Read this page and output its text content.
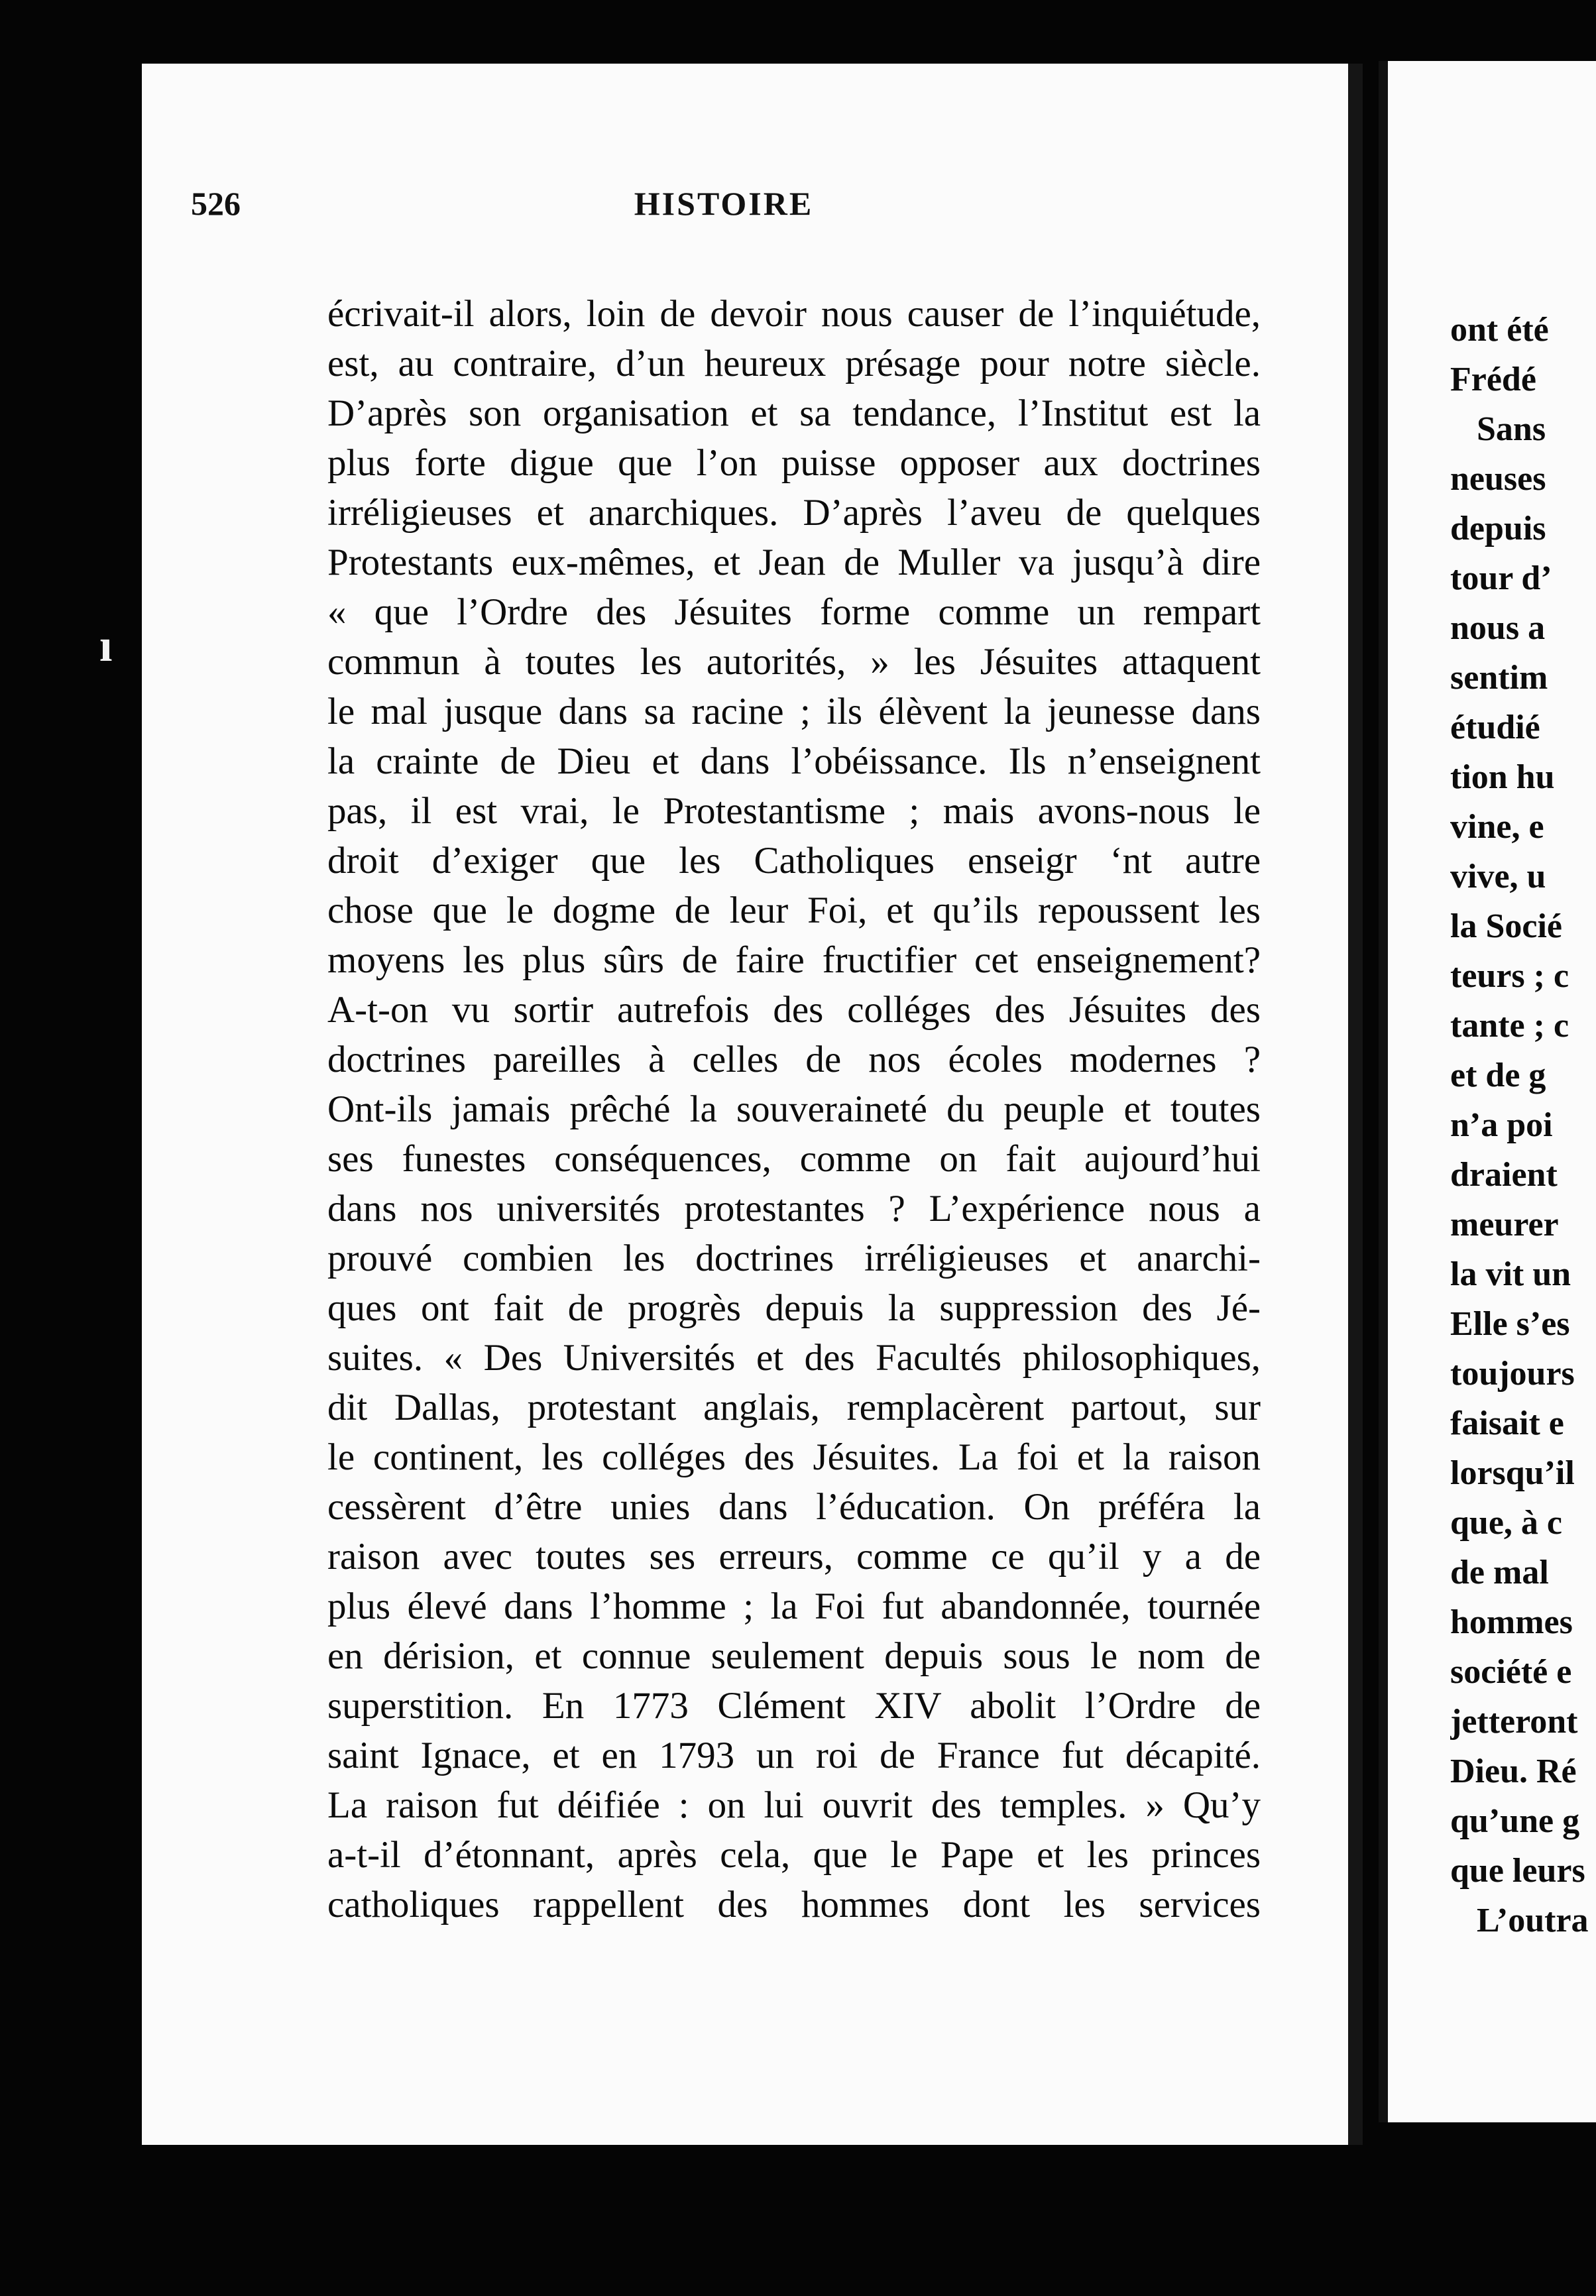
ı
526	HISTOIRE
écrivait-il alors, loin de devoir nous causer de l’inquiétude,
est, au contraire, d’un heureux présage pour notre siècle.
D’après son organisation et sa tendance, l’Institut est la
plus forte digue que l’on puisse opposer aux doctrines
irréligieuses et anarchiques. D’après l’aveu de quelques
Protestants eux-mêmes, et Jean de Muller va jusqu’à dire
« que l’Ordre des Jésuites forme comme un rempart
commun à toutes les autorités, » les Jésuites attaquent
le mal jusque dans sa racine ; ils élèvent la jeunesse dans
la crainte de Dieu et dans l’obéissance. Ils n’enseignent
pas, il est vrai, le Protestantisme ; mais avons-nous le
droit d’exiger que les Catholiques enseigr ‘nt autre
chose que le dogme de leur Foi, et qu’ils repoussent les
moyens les plus sûrs de faire fructifier cet enseignement?
A-t-on vu sortir autrefois des colléges des Jésuites des
doctrines pareilles à celles de nos écoles modernes ?
Ont-ils jamais prêché la souveraineté du peuple et toutes
ses funestes conséquences, comme on fait aujourd’hui
dans nos universités protestantes ? L’expérience nous a
prouvé combien les doctrines irréligieuses et anarchi-
ques ont fait de progrès depuis la suppression des Jé-
suites. « Des Universités et des Facultés philosophiques,
dit Dallas, protestant anglais, remplacèrent partout, sur
le continent, les colléges des Jésuites. La foi et la raison
cessèrent d’être unies dans l’éducation. On préféra la
raison avec toutes ses erreurs, comme ce qu’il y a de
plus élevé dans l’homme ; la Foi fut abandonnée, tournée
en dérision, et connue seulement depuis sous le nom de
superstition. En 1773 Clément XIV abolit l’Ordre de
saint Ignace, et en 1793 un roi de France fut décapité.
La raison fut déifiée : on lui ouvrit des temples. » Qu’y
a-t-il d’étonnant, après cela, que le Pape et les princes
catholiques rappellent des hommes dont les services
ont été
Frédé
Sans
neuses
depuis
tour d’
nous a
sentim
étudié
tion hu
vine, e
vive, u
la Socié
teurs ; c
tante ; c
et de g
n’a poi
draient
meurer
la vit un
Elle s’es
toujours
faisait e
lorsqu’il
que, à c
de mal
hommes
société e
jetteront
Dieu. Ré
qu’une g
que leurs
L’outra
